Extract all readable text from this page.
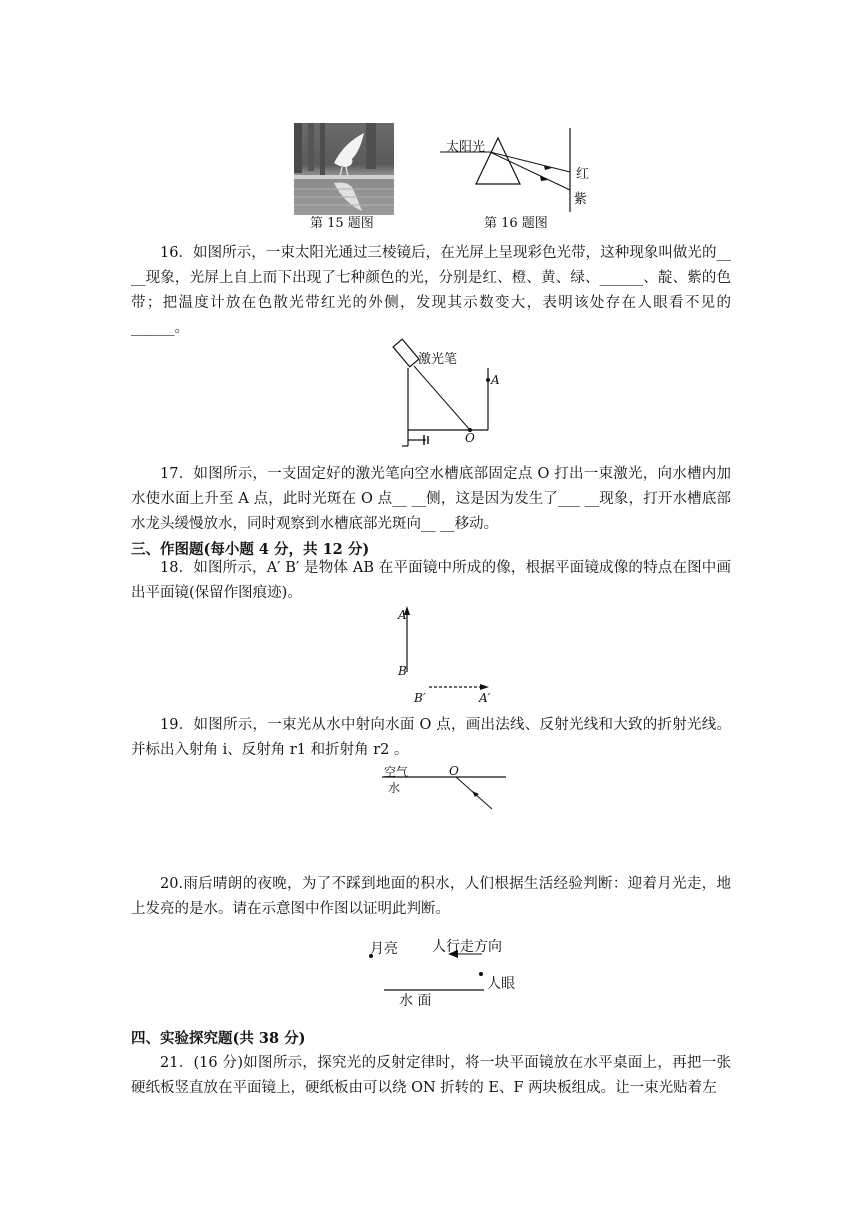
第 15 题图
太阳光
红
紫
第 16 题图
16．如图所示，一束太阳光通过三棱镜后，在光屏上呈现彩色光带，这种现象叫做光的__ __现象，光屏上自上而下出现了七种颜色的光，分别是红、橙、黄、绿、______、靛、紫的色带；把温度计放在色散光带红光的外侧，发现其示数变大，表明该处存在人眼看不见的______。
激光笔
A
O
17．如图所示，一支固定好的激光笔向空水槽底部固定点 O 打出一束激光，向水槽内加水使水面上升至 A 点，此时光斑在 O 点__ __侧，这是因为发生了___ __现象，打开水槽底部水龙头缓慢放水，同时观察到水槽底部光斑向__ __移动。
三、作图题(每小题 4 分，共 12 分)
18．如图所示，A′ B′ 是物体 AB 在平面镜中所成的像，根据平面镜成像的特点在图中画出平面镜(保留作图痕迹)。
A
B
B′	A′
19．如图所示，一束光从水中射向水面 O 点，画出法线、反射光线和大致的折射光线。并标出入射角 i、反射角 r1 和折射角 r2 。
空气
水
O
20.雨后晴朗的夜晚，为了不踩到地面的积水，人们根据生活经验判断：迎着月光走，地上发亮的是水。请在示意图中作图以证明此判断。
月亮 人行走方向
人眼
水 面
四、实验探究题(共 38 分)
21．(16 分)如图所示，探究光的反射定律时，将一块平面镜放在水平桌面上，再把一张硬纸板竖直放在平面镜上，硬纸板由可以绕 ON 折转的 E、F 两块板组成。让一束光贴着左
